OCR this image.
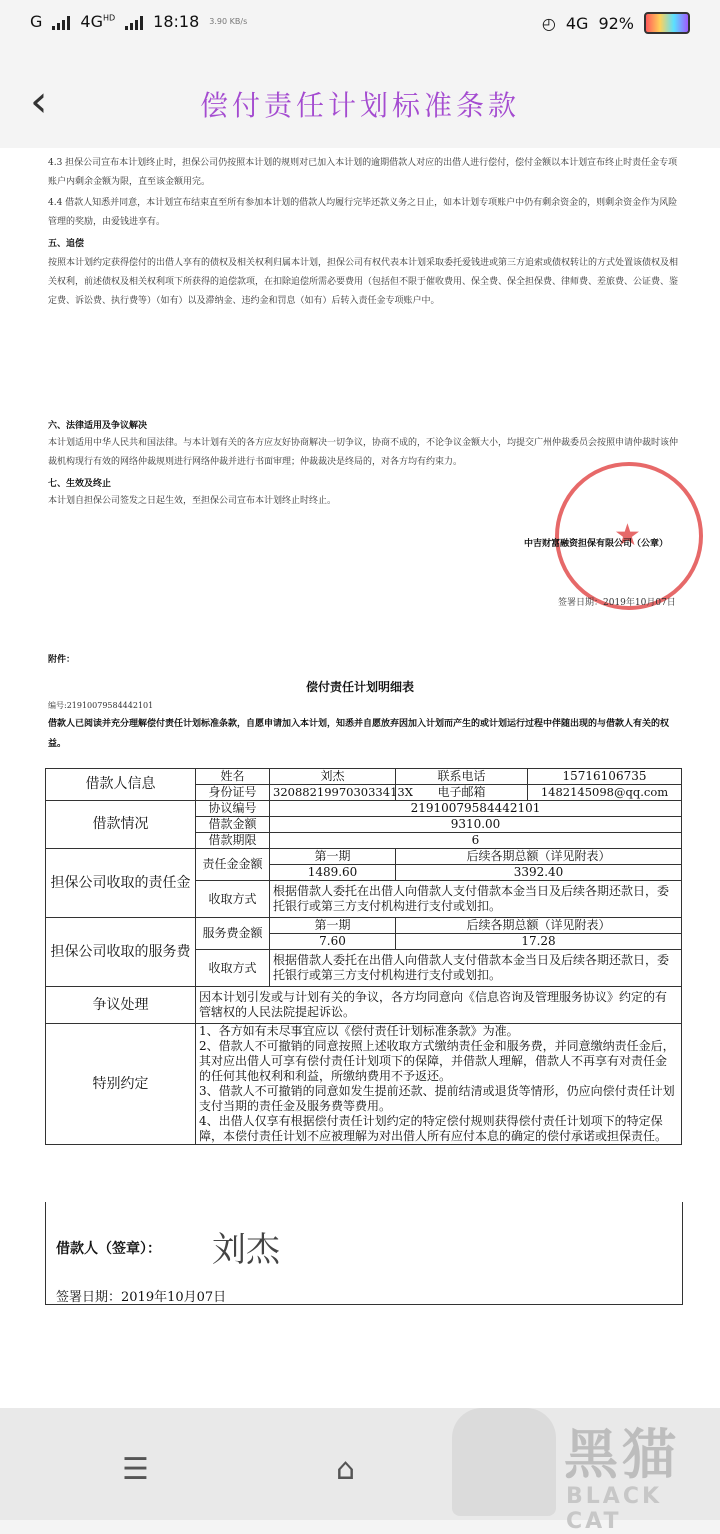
G $4G^{HD}$ 18:18 3.90 KB/s	◴ 4G 92%
‹	偿付责任计划标准条款
4.3 担保公司宣布本计划终止时，担保公司仍按照本计划的规则对已加入本计划的逾期借款人对应的出借人进行偿付，偿付金额以本计划宣布终止时责任金专项账户内剩余金额为限，直至该金额用完。
4.4 借款人知悉并同意，本计划宣布结束直至所有参加本计划的借款人均履行完毕还款义务之日止，如本计划专项账户中仍有剩余资金的，则剩余资金作为风险管理的奖励，由爱钱进享有。
五、追偿
按照本计划约定获得偿付的出借人享有的债权及相关权利归属本计划，担保公司有权代表本计划采取委托爱钱进或第三方追索或债权转让的方式处置该债权及相关权利，前述债权及相关权利项下所获得的追偿款项，在扣除追偿所需必要费用（包括但不限于催收费用、保全费、保全担保费、律师费、差旅费、公证费、鉴定费、诉讼费、执行费等）（如有）以及滞纳金、违约金和罚息（如有）后转入责任金专项账户中。
六、法律适用及争议解决
本计划适用中华人民共和国法律。与本计划有关的各方应友好协商解决一切争议，协商不成的，不论争议金额大小，均提交广州仲裁委员会按照申请仲裁时该仲裁机构现行有效的网络仲裁规则进行网络仲裁并进行书面审理；仲裁裁决是终局的，对各方均有约束力。
七、生效及终止
本计划自担保公司签发之日起生效，至担保公司宣布本计划终止时终止。
★
中吉财富融资担保有限公司（公章）
签署日期：2019年10月07日
附件：
偿付责任计划明细表
编号:21910079584442101
借款人已阅读并充分理解偿付责任计划标准条款，自愿申请加入本计划，知悉并自愿放弃因加入计划而产生的或计划运行过程中伴随出现的与借款人有关的权益。
借款人信息	姓名	刘杰	联系电话	15716106735
	身份证号	320882199703033413X	电子邮箱	1482145098@qq.com
借款情况	协议编号	21910079584442101		
	借款金额	9310.00		
	借款期限	6		
担保公司收取的责任金	责任金金额	第一期	后续各期总额（详见附表）	
		1489.60	3392.40	
	收取方式	根据借款人委托在出借人向借款人支付借款本金当日及后续各期还款日，委托银行或第三方支付机构进行支付或划扣。		
担保公司收取的服务费	服务费金额	第一期	后续各期总额（详见附表）	
		7.60	17.28	
	收取方式	根据借款人委托在出借人向借款人支付借款本金当日及后续各期还款日，委托银行或第三方支付机构进行支付或划扣。		
争议处理	因本计划引发或与计划有关的争议，各方均同意向《信息咨询及管理服务协议》约定的有管辖权的人民法院提起诉讼。			
特别约定	1、各方如有未尽事宜应以《偿付责任计划标准条款》为准。
2、借款人不可撤销的同意按照上述收取方式缴纳责任金和服务费，并同意缴纳责任金后，其对应出借人可享有偿付责任计划项下的保障，并借款人理解，借款人不再享有对责任金的任何其他权利和利益，所缴纳费用不予返还。
3、借款人不可撤销的同意如发生提前还款、提前结清或退货等情形，仍应向偿付责任计划支付当期的责任金及服务费等费用。
4、出借人仅享有根据偿付责任计划约定的特定偿付规则获得偿付责任计划项下的特定保障，本偿付责任计划不应被理解为对出借人所有应付本息的确定的偿付承诺或担保责任。			
借款人（签章）： 刘杰
签署日期：2019年10月07日
☰	⌂	黑猫
BLACK CAT
